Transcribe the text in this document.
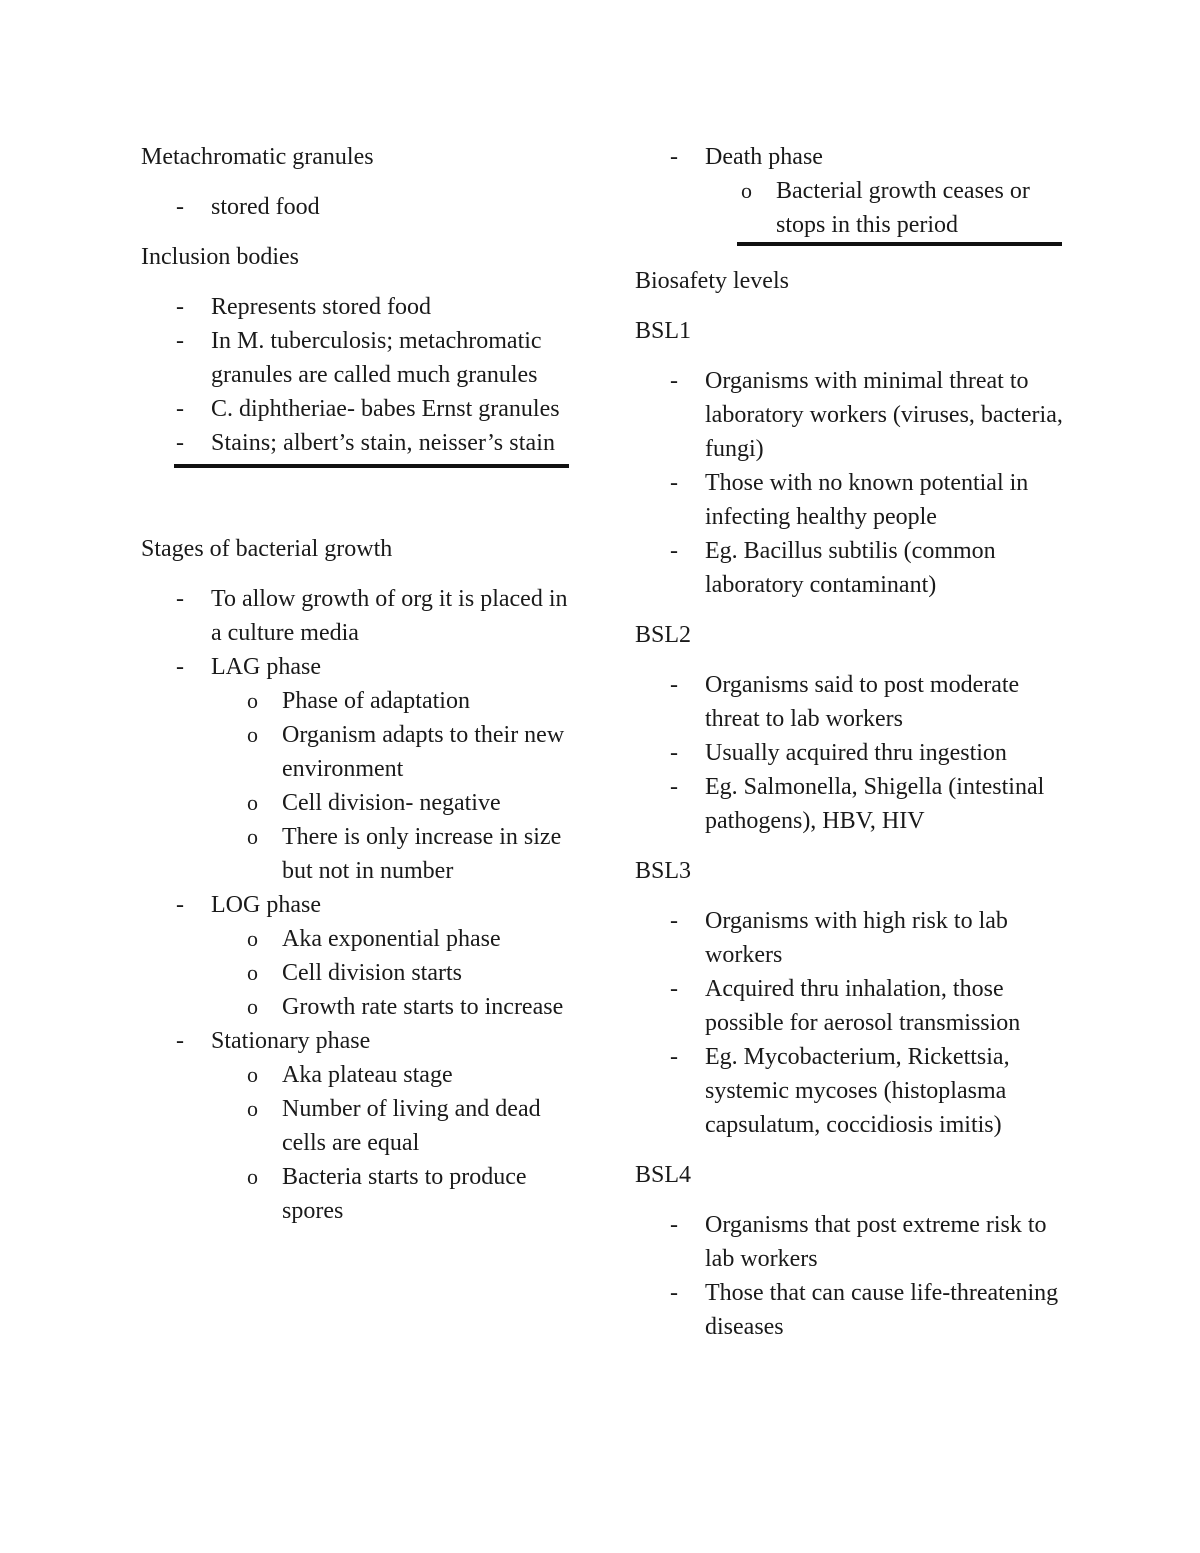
Metachromatic granules

- stored food

Inclusion bodies

- Represents stored food
- In M. tuberculosis; metachromatic granules are called much granules
- C. diphtheriae- babes Ernst granules
- Stains; albert’s stain, neisser’s stain

Stages of bacterial growth

- To allow growth of org it is placed in a culture media
- LAG phase
o Phase of adaptation
o Organism adapts to their new environment
o Cell division- negative
o There is only increase in size but not in number
- LOG phase
o Aka exponential phase
o Cell division starts
o Growth rate starts to increase
- Stationary phase
o Aka plateau stage
o Number of living and dead cells are equal
o Bacteria starts to produce spores
- Death phase
o Bacterial growth ceases or stops in this period

Biosafety levels

BSL1

- Organisms with minimal threat to laboratory workers (viruses, bacteria, fungi)
- Those with no known potential in infecting healthy people
- Eg. Bacillus subtilis (common laboratory contaminant)

BSL2

- Organisms said to post moderate threat to lab workers
- Usually acquired thru ingestion
- Eg. Salmonella, Shigella (intestinal pathogens), HBV, HIV

BSL3

- Organisms with high risk to lab workers
- Acquired thru inhalation, those possible for aerosol transmission
- Eg. Mycobacterium, Rickettsia, systemic mycoses (histoplasma capsulatum, coccidiosis imitis)

BSL4

- Organisms that post extreme risk to lab workers
- Those that can cause life-threatening diseases
